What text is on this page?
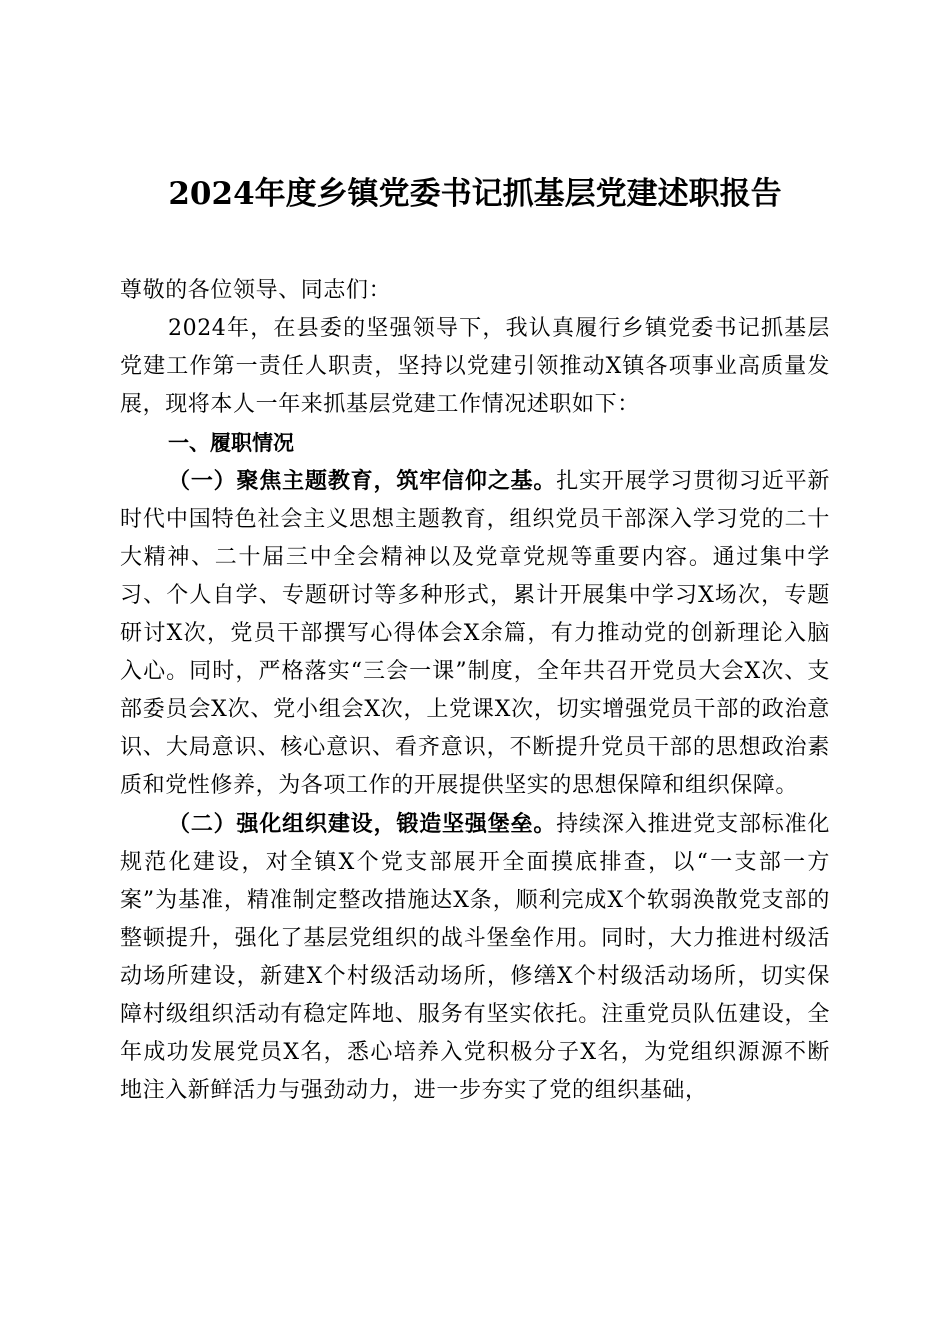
2024年度乡镇党委书记抓基层党建述职报告

尊敬的各位领导、同志们：

2024年，在县委的坚强领导下，我认真履行乡镇党委书记抓基层党建工作第一责任人职责，坚持以党建引领推动X镇各项事业高质量发展，现将本人一年来抓基层党建工作情况述职如下：

一、履职情况

（一）聚焦主题教育，筑牢信仰之基。扎实开展学习贯彻习近平新时代中国特色社会主义思想主题教育，组织党员干部深入学习党的二十大精神、二十届三中全会精神以及党章党规等重要内容。通过集中学习、个人自学、专题研讨等多种形式，累计开展集中学习X场次，专题研讨X次，党员干部撰写心得体会X余篇，有力推动党的创新理论入脑入心。同时，严格落实“三会一课”制度，全年共召开党员大会X次、支部委员会X次、党小组会X次，上党课X次，切实增强党员干部的政治意识、大局意识、核心意识、看齐意识，不断提升党员干部的思想政治素质和党性修养，为各项工作的开展提供坚实的思想保障和组织保障。

（二）强化组织建设，锻造坚强堡垒。持续深入推进党支部标准化规范化建设，对全镇X个党支部展开全面摸底排查，以“一支部一方案”为基准，精准制定整改措施达X条，顺利完成X个软弱涣散党支部的整顿提升，强化了基层党组织的战斗堡垒作用。同时，大力推进村级活动场所建设，新建X个村级活动场所，修缮X个村级活动场所，切实保障村级组织活动有稳定阵地、服务有坚实依托。注重党员队伍建设，全年成功发展党员X名，悉心培养入党积极分子X名，为党组织源源不断地注入新鲜活力与强劲动力，进一步夯实了党的组织基础，
